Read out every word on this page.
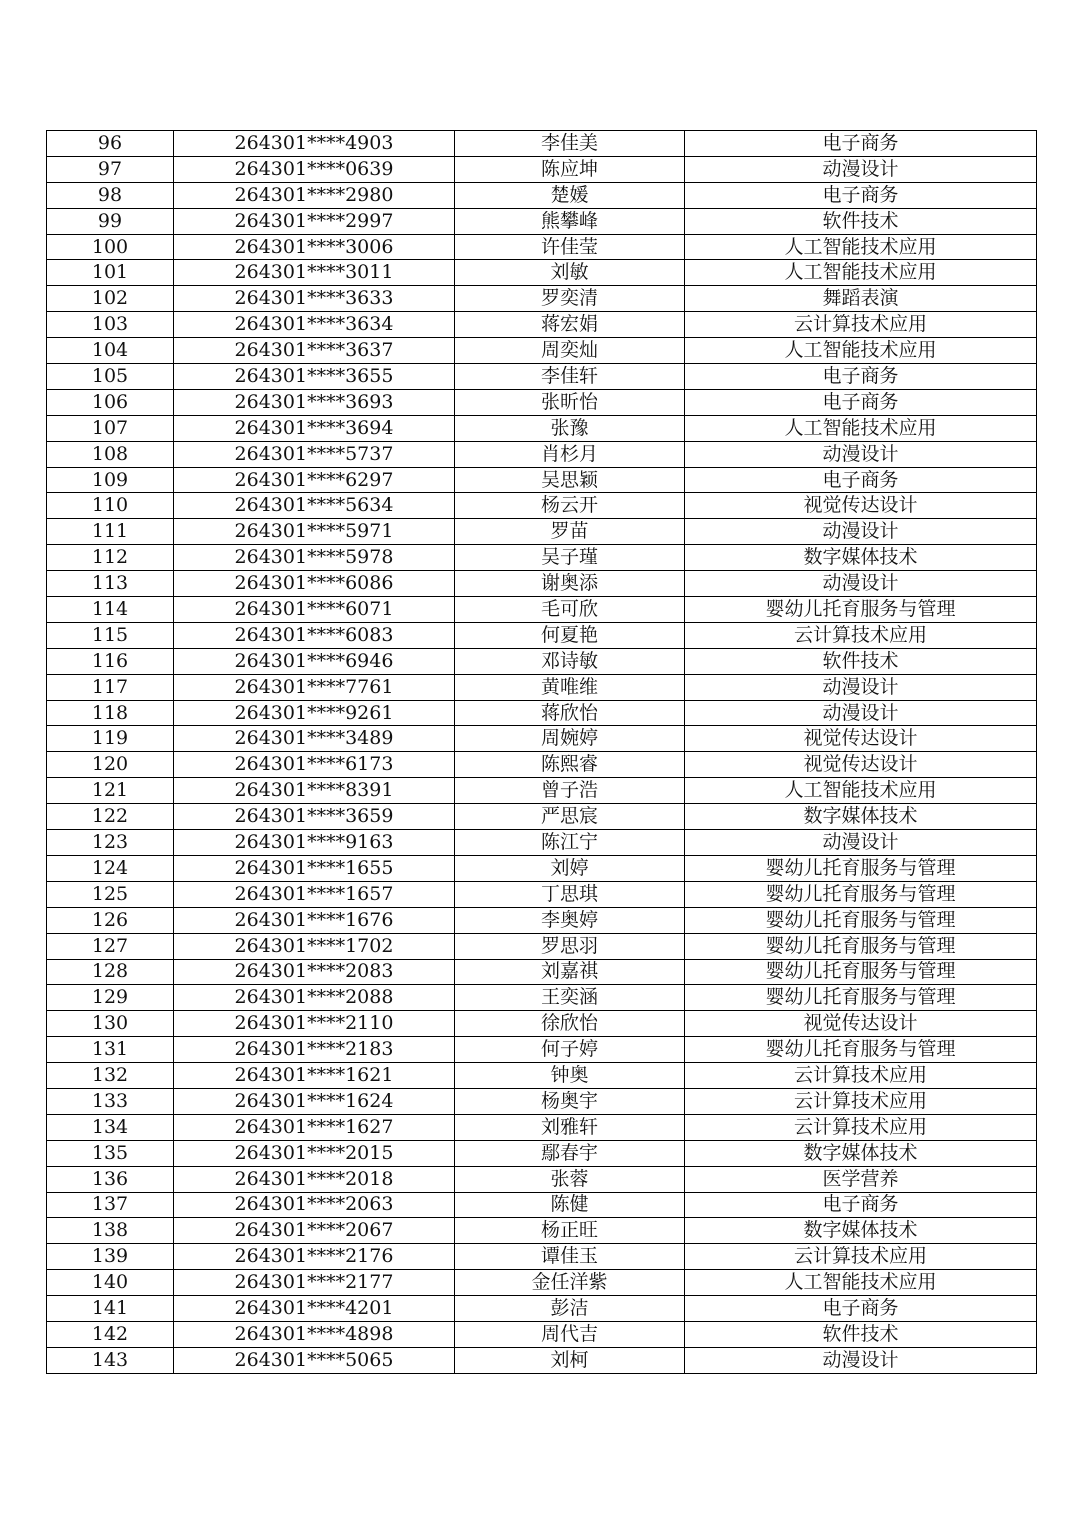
96	264301****4903	李佳美	电子商务
97	264301****0639	陈应坤	动漫设计
98	264301****2980	楚媛	电子商务
99	264301****2997	熊攀峰	软件技术
100	264301****3006	许佳莹	人工智能技术应用
101	264301****3011	刘敏	人工智能技术应用
102	264301****3633	罗奕清	舞蹈表演
103	264301****3634	蒋宏娟	云计算技术应用
104	264301****3637	周奕灿	人工智能技术应用
105	264301****3655	李佳轩	电子商务
106	264301****3693	张昕怡	电子商务
107	264301****3694	张豫	人工智能技术应用
108	264301****5737	肖杉月	动漫设计
109	264301****6297	吴思颖	电子商务
110	264301****5634	杨云开	视觉传达设计
111	264301****5971	罗苗	动漫设计
112	264301****5978	吴子瑾	数字媒体技术
113	264301****6086	谢奥添	动漫设计
114	264301****6071	毛可欣	婴幼儿托育服务与管理
115	264301****6083	何夏艳	云计算技术应用
116	264301****6946	邓诗敏	软件技术
117	264301****7761	黄唯维	动漫设计
118	264301****9261	蒋欣怡	动漫设计
119	264301****3489	周婉婷	视觉传达设计
120	264301****6173	陈熙睿	视觉传达设计
121	264301****8391	曾子浩	人工智能技术应用
122	264301****3659	严思宸	数字媒体技术
123	264301****9163	陈江宁	动漫设计
124	264301****1655	刘婷	婴幼儿托育服务与管理
125	264301****1657	丁思琪	婴幼儿托育服务与管理
126	264301****1676	李奥婷	婴幼儿托育服务与管理
127	264301****1702	罗思羽	婴幼儿托育服务与管理
128	264301****2083	刘嘉祺	婴幼儿托育服务与管理
129	264301****2088	王奕涵	婴幼儿托育服务与管理
130	264301****2110	徐欣怡	视觉传达设计
131	264301****2183	何子婷	婴幼儿托育服务与管理
132	264301****1621	钟奥	云计算技术应用
133	264301****1624	杨奥宇	云计算技术应用
134	264301****1627	刘雅轩	云计算技术应用
135	264301****2015	鄢春宇	数字媒体技术
136	264301****2018	张蓉	医学营养
137	264301****2063	陈健	电子商务
138	264301****2067	杨正旺	数字媒体技术
139	264301****2176	谭佳玉	云计算技术应用
140	264301****2177	金任洋紫	人工智能技术应用
141	264301****4201	彭洁	电子商务
142	264301****4898	周代吉	软件技术
143	264301****5065	刘柯	动漫设计
